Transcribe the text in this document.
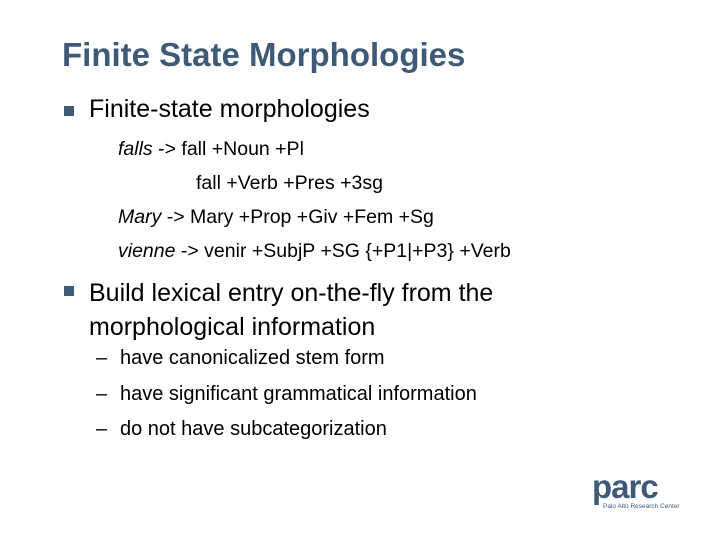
Finite State Morphologies
Finite-state morphologies
falls -> fall +Noun +Pl
fall +Verb +Pres +3sg
Mary -> Mary +Prop +Giv +Fem +Sg
vienne -> venir +SubjP +SG {+P1|+P3} +Verb
Build lexical entry on-the-fly from the morphological information
– have canonicalized stem form
– have significant grammatical information
– do not have subcategorization
parc
Palo Alto Research Center
